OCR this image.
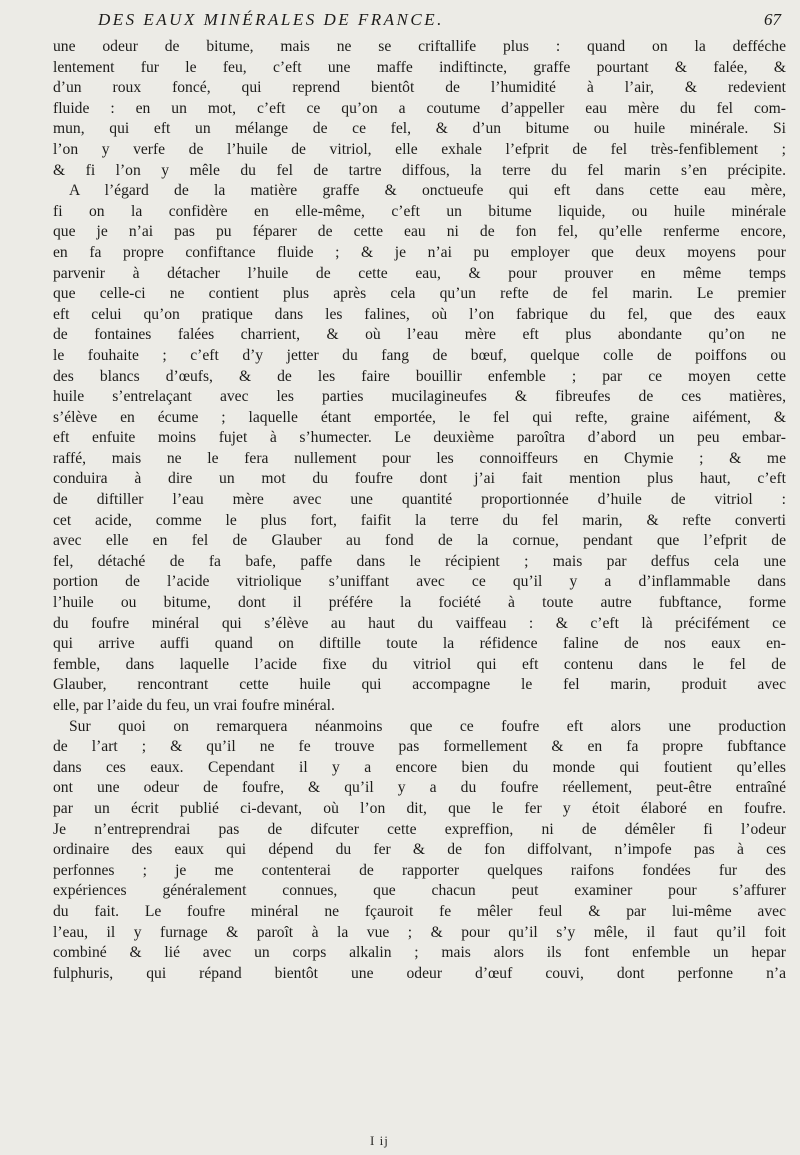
DES EAUX MINÉRALES DE FRANCE.	67
une odeur de bitume, mais ne se criftallife plus : quand on la defféche
lentement fur le feu, c’eft une maffe indiftincte, graffe pourtant & falée, &
d’un roux foncé, qui reprend bientôt de l’humidité à l’air, & redevient
fluide : en un mot, c’eft ce qu’on a coutume d’appeller eau mère du fel com-
mun, qui eft un mélange de ce fel, & d’un bitume ou huile minérale. Si
l’on y verfe de l’huile de vitriol, elle exhale l’efprit de fel très-fenfiblement ;
& fi l’on y mêle du fel de tartre diffous, la terre du fel marin s’en précipite.
A l’égard de la matière graffe & onctueufe qui eft dans cette eau mère,
fi on la confidère en elle-même, c’eft un bitume liquide, ou huile minérale
que je n’ai pas pu féparer de cette eau ni de fon fel, qu’elle renferme encore,
en fa propre confiftance fluide ; & je n’ai pu employer que deux moyens pour
parvenir à détacher l’huile de cette eau, & pour prouver en même temps
que celle-ci ne contient plus après cela qu’un refte de fel marin. Le premier
eft celui qu’on pratique dans les falines, où l’on fabrique du fel, que des eaux
de fontaines falées charrient, & où l’eau mère eft plus abondante qu’on ne
le fouhaite ; c’eft d’y jetter du fang de bœuf, quelque colle de poiffons ou
des blancs d’œufs, & de les faire bouillir enfemble ; par ce moyen cette
huile s’entrelaçant avec les parties mucilagineufes & fibreufes de ces matières,
s’élève en écume ; laquelle étant emportée, le fel qui refte, graine aifément, &
eft enfuite moins fujet à s’humecter. Le deuxième paroîtra d’abord un peu embar-
raffé, mais ne le fera nullement pour les connoiffeurs en Chymie ; & me
conduira à dire un mot du foufre dont j’ai fait mention plus haut, c’eft
de diftiller l’eau mère avec une quantité proportionnée d’huile de vitriol :
cet acide, comme le plus fort, faifit la terre du fel marin, & refte converti
avec elle en fel de Glauber au fond de la cornue, pendant que l’efprit de
fel, détaché de fa bafe, paffe dans le récipient ; mais par deffus cela une
portion de l’acide vitriolique s’uniffant avec ce qu’il y a d’inflammable dans
l’huile ou bitume, dont il préfére la fociété à toute autre fubftance, forme
du foufre minéral qui s’élève au haut du vaiffeau : & c’eft là précifément ce
qui arrive auffi quand on diftille toute la réfidence faline de nos eaux en-
femble, dans laquelle l’acide fixe du vitriol qui eft contenu dans le fel de
Glauber, rencontrant cette huile qui accompagne le fel marin, produit avec
elle, par l’aide du feu, un vrai foufre minéral.
Sur quoi on remarquera néanmoins que ce foufre eft alors une production
de l’art ; & qu’il ne fe trouve pas formellement & en fa propre fubftance
dans ces eaux. Cependant il y a encore bien du monde qui foutient qu’elles
ont une odeur de foufre, & qu’il y a du foufre réellement, peut-être entraîné
par un écrit publié ci-devant, où l’on dit, que le fer y étoit élaboré en foufre.
Je n’entreprendrai pas de difcuter cette expreffion, ni de démêler fi l’odeur
ordinaire des eaux qui dépend du fer & de fon diffolvant, n’impofe pas à ces
perfonnes ; je me contenterai de rapporter quelques raifons fondées fur des
expériences généralement connues, que chacun peut examiner pour s’affurer
du fait. Le foufre minéral ne fçauroit fe mêler feul & par lui-même avec
l’eau, il y furnage & paroît à la vue ; & pour qu’il s’y mêle, il faut qu’il foit
combiné & lié avec un corps alkalin ; mais alors ils font enfemble un hepar
fulphuris, qui répand bientôt une odeur d’œuf couvi, dont perfonne n’a
I ij
